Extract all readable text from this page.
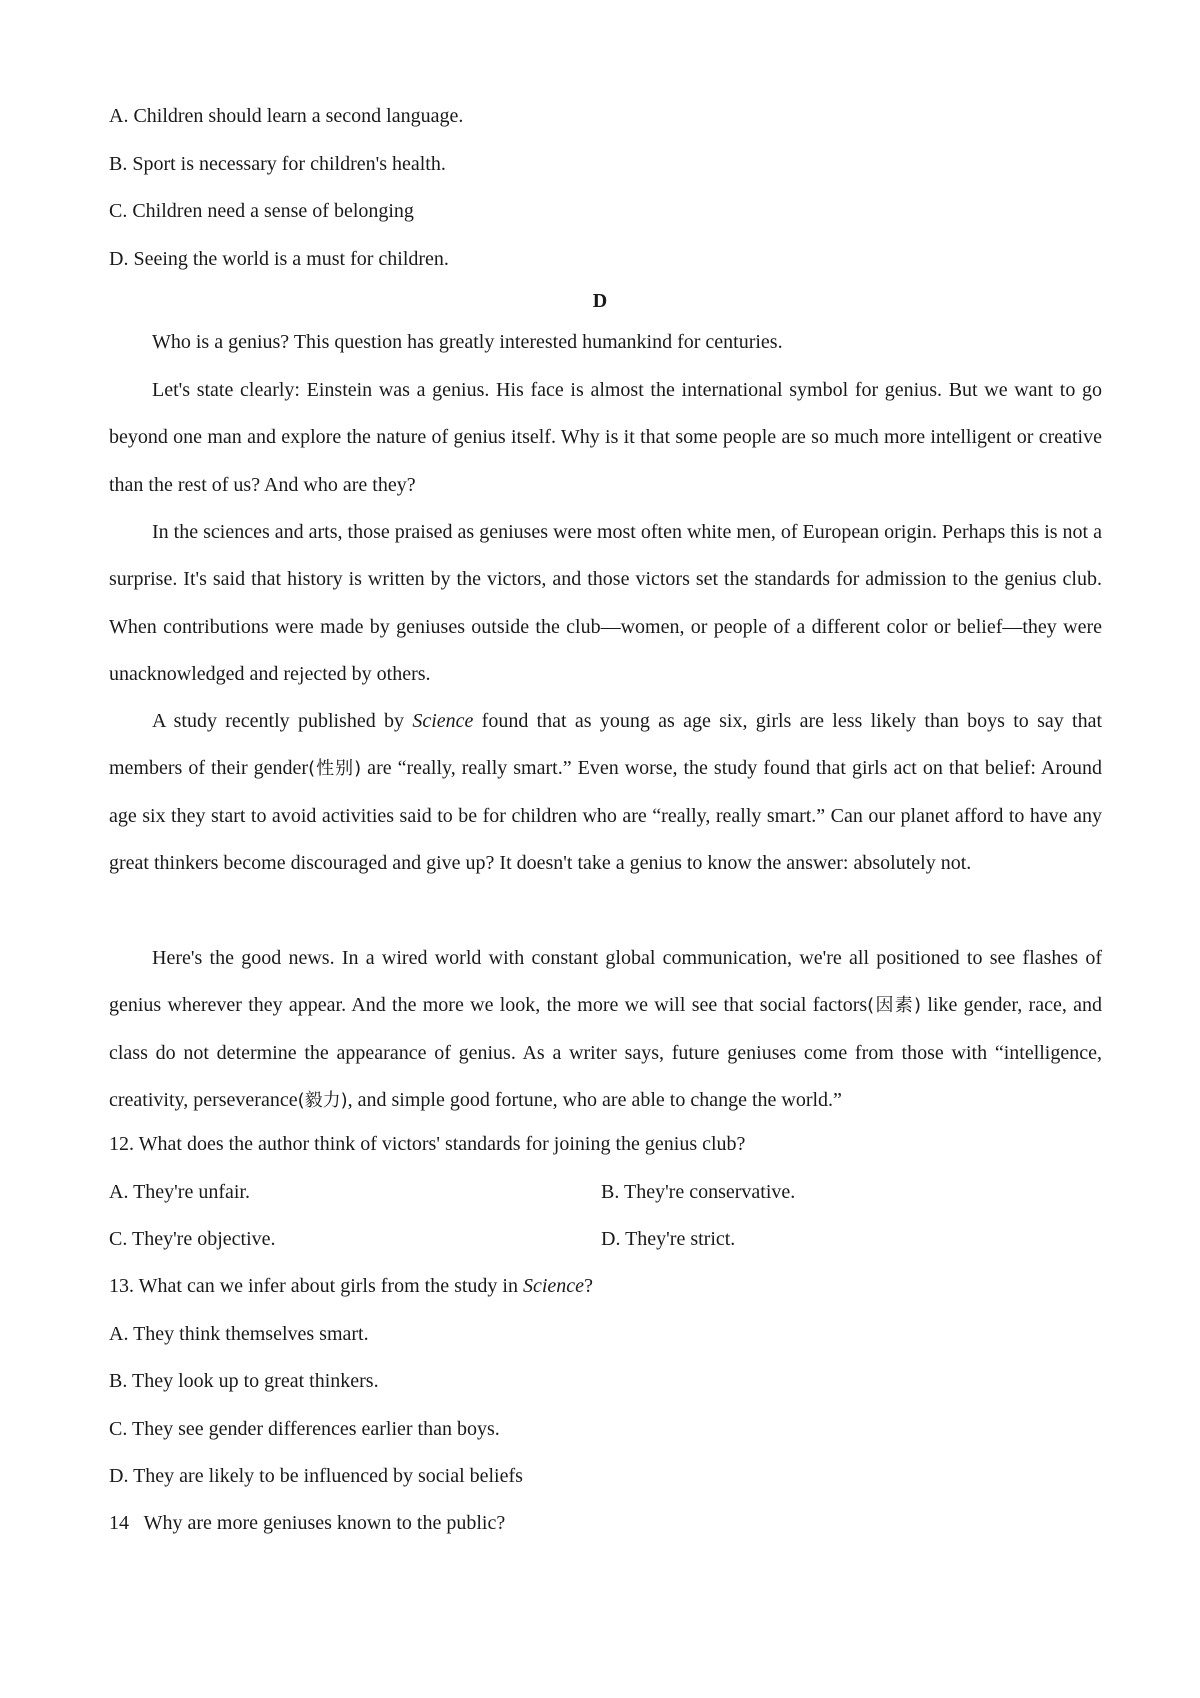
A. Children should learn a second language.
B. Sport is necessary for children's health.
C. Children need a sense of belonging
D. Seeing the world is a must for children.
D

Who is a genius? This question has greatly interested humankind for centuries.

Let's state clearly: Einstein was a genius. His face is almost the international symbol for genius. But we want to go beyond one man and explore the nature of genius itself. Why is it that some people are so much more intelligent or creative than the rest of us? And who are they?

In the sciences and arts, those praised as geniuses were most often white men, of European origin. Perhaps this is not a surprise. It's said that history is written by the victors, and those victors set the standards for admission to the genius club. When contributions were made by geniuses outside the club—women, or people of a different color or belief—they were unacknowledged and rejected by others.

A study recently published by Science found that as young as age six, girls are less likely than boys to say that members of their gender(性别) are “really, really smart.” Even worse, the study found that girls act on that belief: Around age six they start to avoid activities said to be for children who are “really, really smart.” Can our planet afford to have any great thinkers become discouraged and give up? It doesn't take a genius to know the answer: absolutely not.

Here's the good news. In a wired world with constant global communication, we're all positioned to see flashes of genius wherever they appear. And the more we look, the more we will see that social factors(因素) like gender, race, and class do not determine the appearance of genius. As a writer says, future geniuses come from those with “intelligence, creativity, perseverance(毅力), and simple good fortune, who are able to change the world.”

12. What does the author think of victors' standards for joining the genius club?
A. They're unfair.	B. They're conservative.
C. They're objective.	D. They're strict.
13. What can we infer about girls from the study in Science?
A. They think themselves smart.
B. They look up to great thinkers.
C. They see gender differences earlier than boys.
D. They are likely to be influenced by social beliefs
14   Why are more geniuses known to the public?
